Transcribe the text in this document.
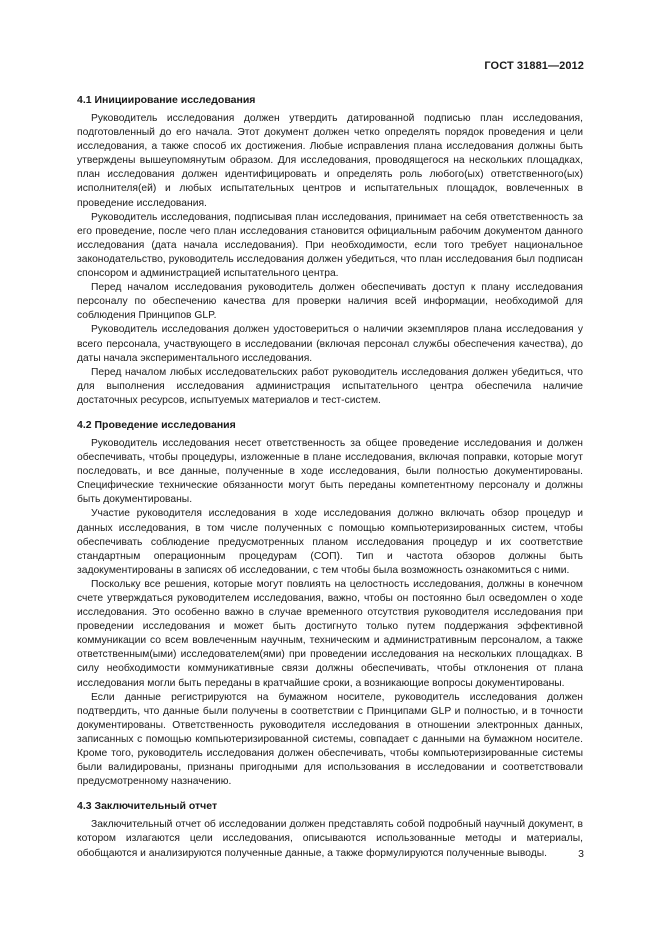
ГОСТ 31881—2012

4.1 Инициирование исследования

Руководитель исследования должен утвердить датированной подписью план исследования, подготовленный до его начала. Этот документ должен четко определять порядок проведения и цели исследования, а также способ их достижения. Любые исправления плана исследования должны быть утверждены вышеупомянутым образом. Для исследования, проводящегося на нескольких площадках, план исследования должен идентифицировать и определять роль любого(ых) ответственного(ых) исполнителя(ей) и любых испытательных центров и испытательных площадок, вовлеченных в проведение исследования.

Руководитель исследования, подписывая план исследования, принимает на себя ответственность за его проведение, после чего план исследования становится официальным рабочим документом данного исследования (дата начала исследования). При необходимости, если того требует национальное законодательство, руководитель исследования должен убедиться, что план исследования был подписан спонсором и администрацией испытательного центра.

Перед началом исследования руководитель должен обеспечивать доступ к плану исследования персоналу по обеспечению качества для проверки наличия всей информации, необходимой для соблюдения Принципов GLP.

Руководитель исследования должен удостовериться о наличии экземпляров плана исследования у всего персонала, участвующего в исследовании (включая персонал службы обеспечения качества), до даты начала экспериментального исследования.

Перед началом любых исследовательских работ руководитель исследования должен убедиться, что для выполнения исследования администрация испытательного центра обеспечила наличие достаточных ресурсов, испытуемых материалов и тест-систем.

4.2 Проведение исследования

Руководитель исследования несет ответственность за общее проведение исследования и должен обеспечивать, чтобы процедуры, изложенные в плане исследования, включая поправки, которые могут последовать, и все данные, полученные в ходе исследования, были полностью документированы. Специфические технические обязанности могут быть переданы компетентному персоналу и должны быть документированы.

Участие руководителя исследования в ходе исследования должно включать обзор процедур и данных исследования, в том числе полученных с помощью компьютеризированных систем, чтобы обеспечивать соблюдение предусмотренных планом исследования процедур и их соответствие стандартным операционным процедурам (СОП). Тип и частота обзоров должны быть задокументированы в записях об исследовании, с тем чтобы была возможность ознакомиться с ними.

Поскольку все решения, которые могут повлиять на целостность исследования, должны в конечном счете утверждаться руководителем исследования, важно, чтобы он постоянно был осведомлен о ходе исследования. Это особенно важно в случае временного отсутствия руководителя исследования при проведении исследования и может быть достигнуто только путем поддержания эффективной коммуникации со всем вовлеченным научным, техническим и административным персоналом, а также ответственным(ыми) исследователем(ями) при проведении исследования на нескольких площадках. В силу необходимости коммуникативные связи должны обеспечивать, чтобы отклонения от плана исследования могли быть переданы в кратчайшие сроки, а возникающие вопросы документированы.

Если данные регистрируются на бумажном носителе, руководитель исследования должен подтвердить, что данные были получены в соответствии с Принципами GLP и полностью, и в точности документированы. Ответственность руководителя исследования в отношении электронных данных, записанных с помощью компьютеризированной системы, совпадает с данными на бумажном носителе. Кроме того, руководитель исследования должен обеспечивать, чтобы компьютеризированные системы были валидированы, признаны пригодными для использования в исследовании и соответствовали предусмотренному назначению.

4.3 Заключительный отчет

Заключительный отчет об исследовании должен представлять собой подробный научный документ, в котором излагаются цели исследования, описываются использованные методы и материалы, обобщаются и анализируются полученные данные, а также формулируются полученные выводы.	3
